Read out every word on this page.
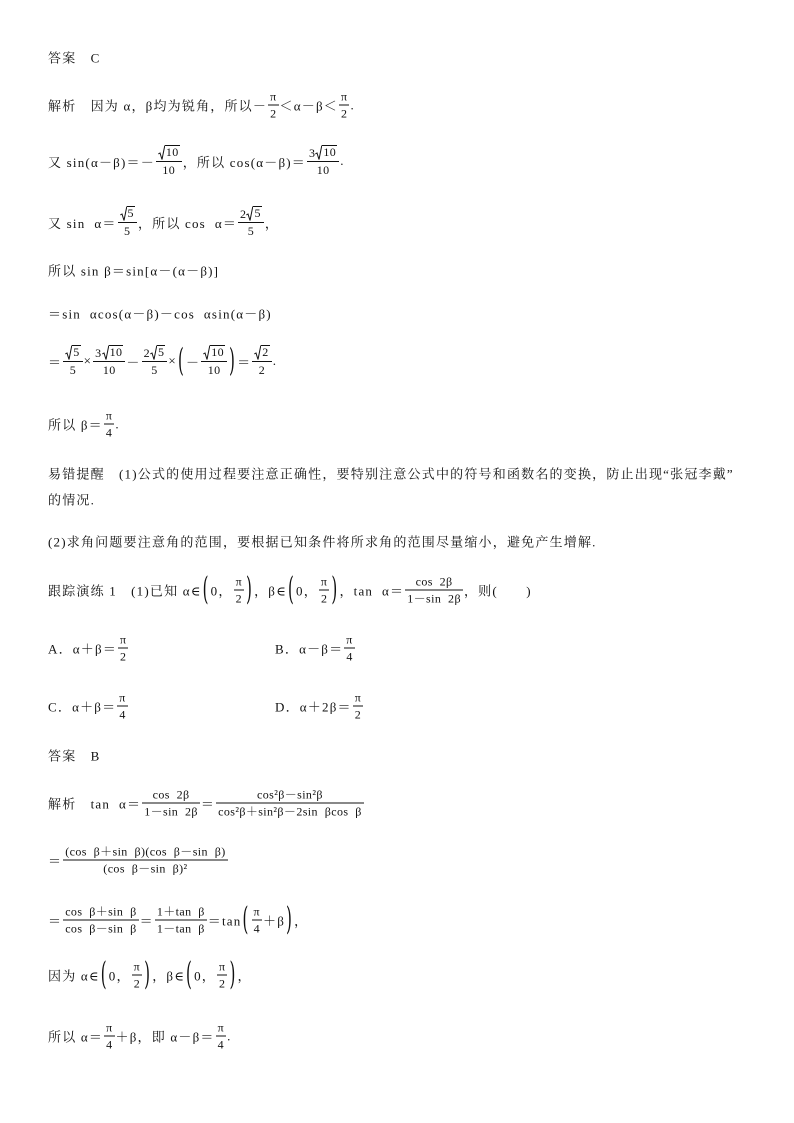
答案　C
解析　因为 α，β均为锐角，所以－ $\frac{\pi}{2} <\alpha-\beta< \frac{\pi}{2}$ .
又 $\sin(\alpha-\beta)=- \frac{10}{10}$ ，所以 $\cos(\alpha-\beta)= \frac{3 10}{10}$ .
又 $\sin \alpha= \frac{5}{5}$ ，所以 $\cos \alpha= \frac{2 5}{5}$ ，
所以 sin β＝sin[α－(α－β)]
＝sin  αcos(α－β)－cos  αsin(α－β)
＝ $\frac{5}{5} \times \frac{3 10}{10} - \frac{2 5}{5}$ × ( － $\frac{10}{10}$ ) ＝ $\frac{2}{2}$ .
所以 $\beta= \frac{\pi}{4}$ .
易错提醒　(1)公式的使用过程要注意正确性，要特别注意公式中的符号和函数名的变换，防止出现“张冠李戴”
的情况.
(2)求角问题要注意角的范围，要根据已知条件将所求角的范围尽量缩小，避免产生增解.
跟踪演练 1　(1)已知 α∈ ( 0， $\frac{\pi}{2}$ ) ，β∈ ( 0， $\frac{\pi}{2}$ ) ，$\tan \alpha= \frac{\cos 2\beta}{1-\sin 2\beta}$ ，则(　　)
A．$\alpha+\beta= \frac{\pi}{2}$	B．$\alpha-\beta= \frac{\pi}{4}$
C．$\alpha+\beta= \frac{\pi}{4}$	D．$\alpha+2\beta= \frac{\pi}{2}$
答案　B
解析　$\tan \alpha= \frac{\cos 2\beta}{1-\sin 2\beta} = \frac{\text{cos²β－sin²β}}{\text{cos²β＋sin²β－2sin  βcos  β}}$
＝ $\frac{\text{(cos  β＋sin  β)(cos  β－sin  β)}}{\text{(cos  β－sin  β)²}}$
＝ $\frac{\text{cos  β＋sin  β}}{\text{cos  β－sin  β}} = \frac{\text{1＋tan  β}}{\text{1－tan  β}} =\tan$ ( $\frac{\pi}{4} +\beta$ ) ，
因为 α∈ ( 0， $\frac{\pi}{2}$ ) ，β∈ ( 0， $\frac{\pi}{2}$ ) ，
所以 $\alpha= \frac{\pi}{4} +\beta$，即 $\alpha-\beta= \frac{\pi}{4}$ .
